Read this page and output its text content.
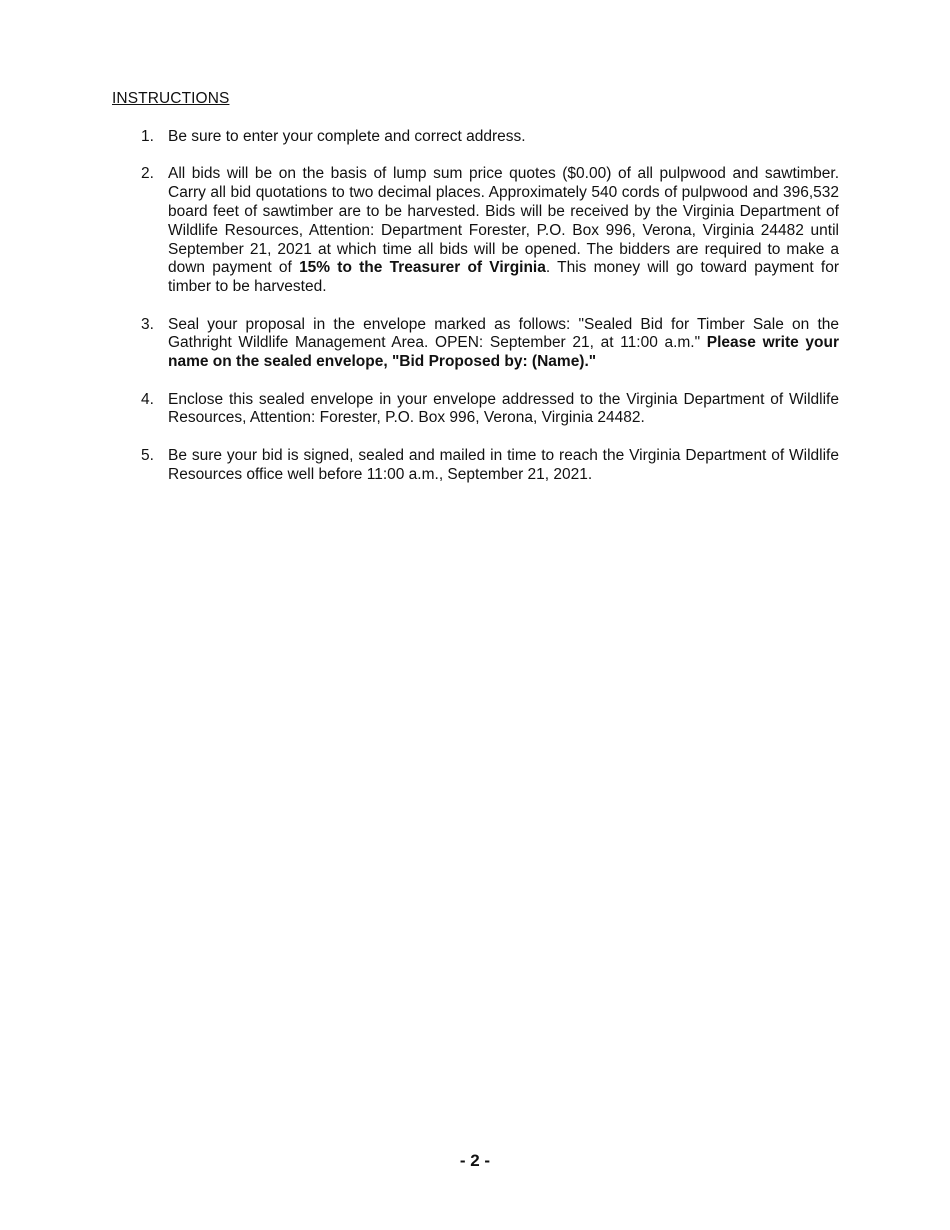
INSTRUCTIONS
1. Be sure to enter your complete and correct address.
2. All bids will be on the basis of lump sum price quotes ($0.00) of all pulpwood and sawtimber. Carry all bid quotations to two decimal places. Approximately 540 cords of pulpwood and 396,532 board feet of sawtimber are to be harvested. Bids will be received by the Virginia Department of Wildlife Resources, Attention: Department Forester, P.O. Box 996, Verona, Virginia 24482 until September 21, 2021 at which time all bids will be opened. The bidders are required to make a down payment of 15% to the Treasurer of Virginia. This money will go toward payment for timber to be harvested.
3. Seal your proposal in the envelope marked as follows: "Sealed Bid for Timber Sale on the Gathright Wildlife Management Area. OPEN: September 21, at 11:00 a.m." Please write your name on the sealed envelope, "Bid Proposed by: (Name)."
4. Enclose this sealed envelope in your envelope addressed to the Virginia Department of Wildlife Resources, Attention: Forester, P.O. Box 996, Verona, Virginia 24482.
5. Be sure your bid is signed, sealed and mailed in time to reach the Virginia Department of Wildlife Resources office well before 11:00 a.m., September 21, 2021.
- 2 -
